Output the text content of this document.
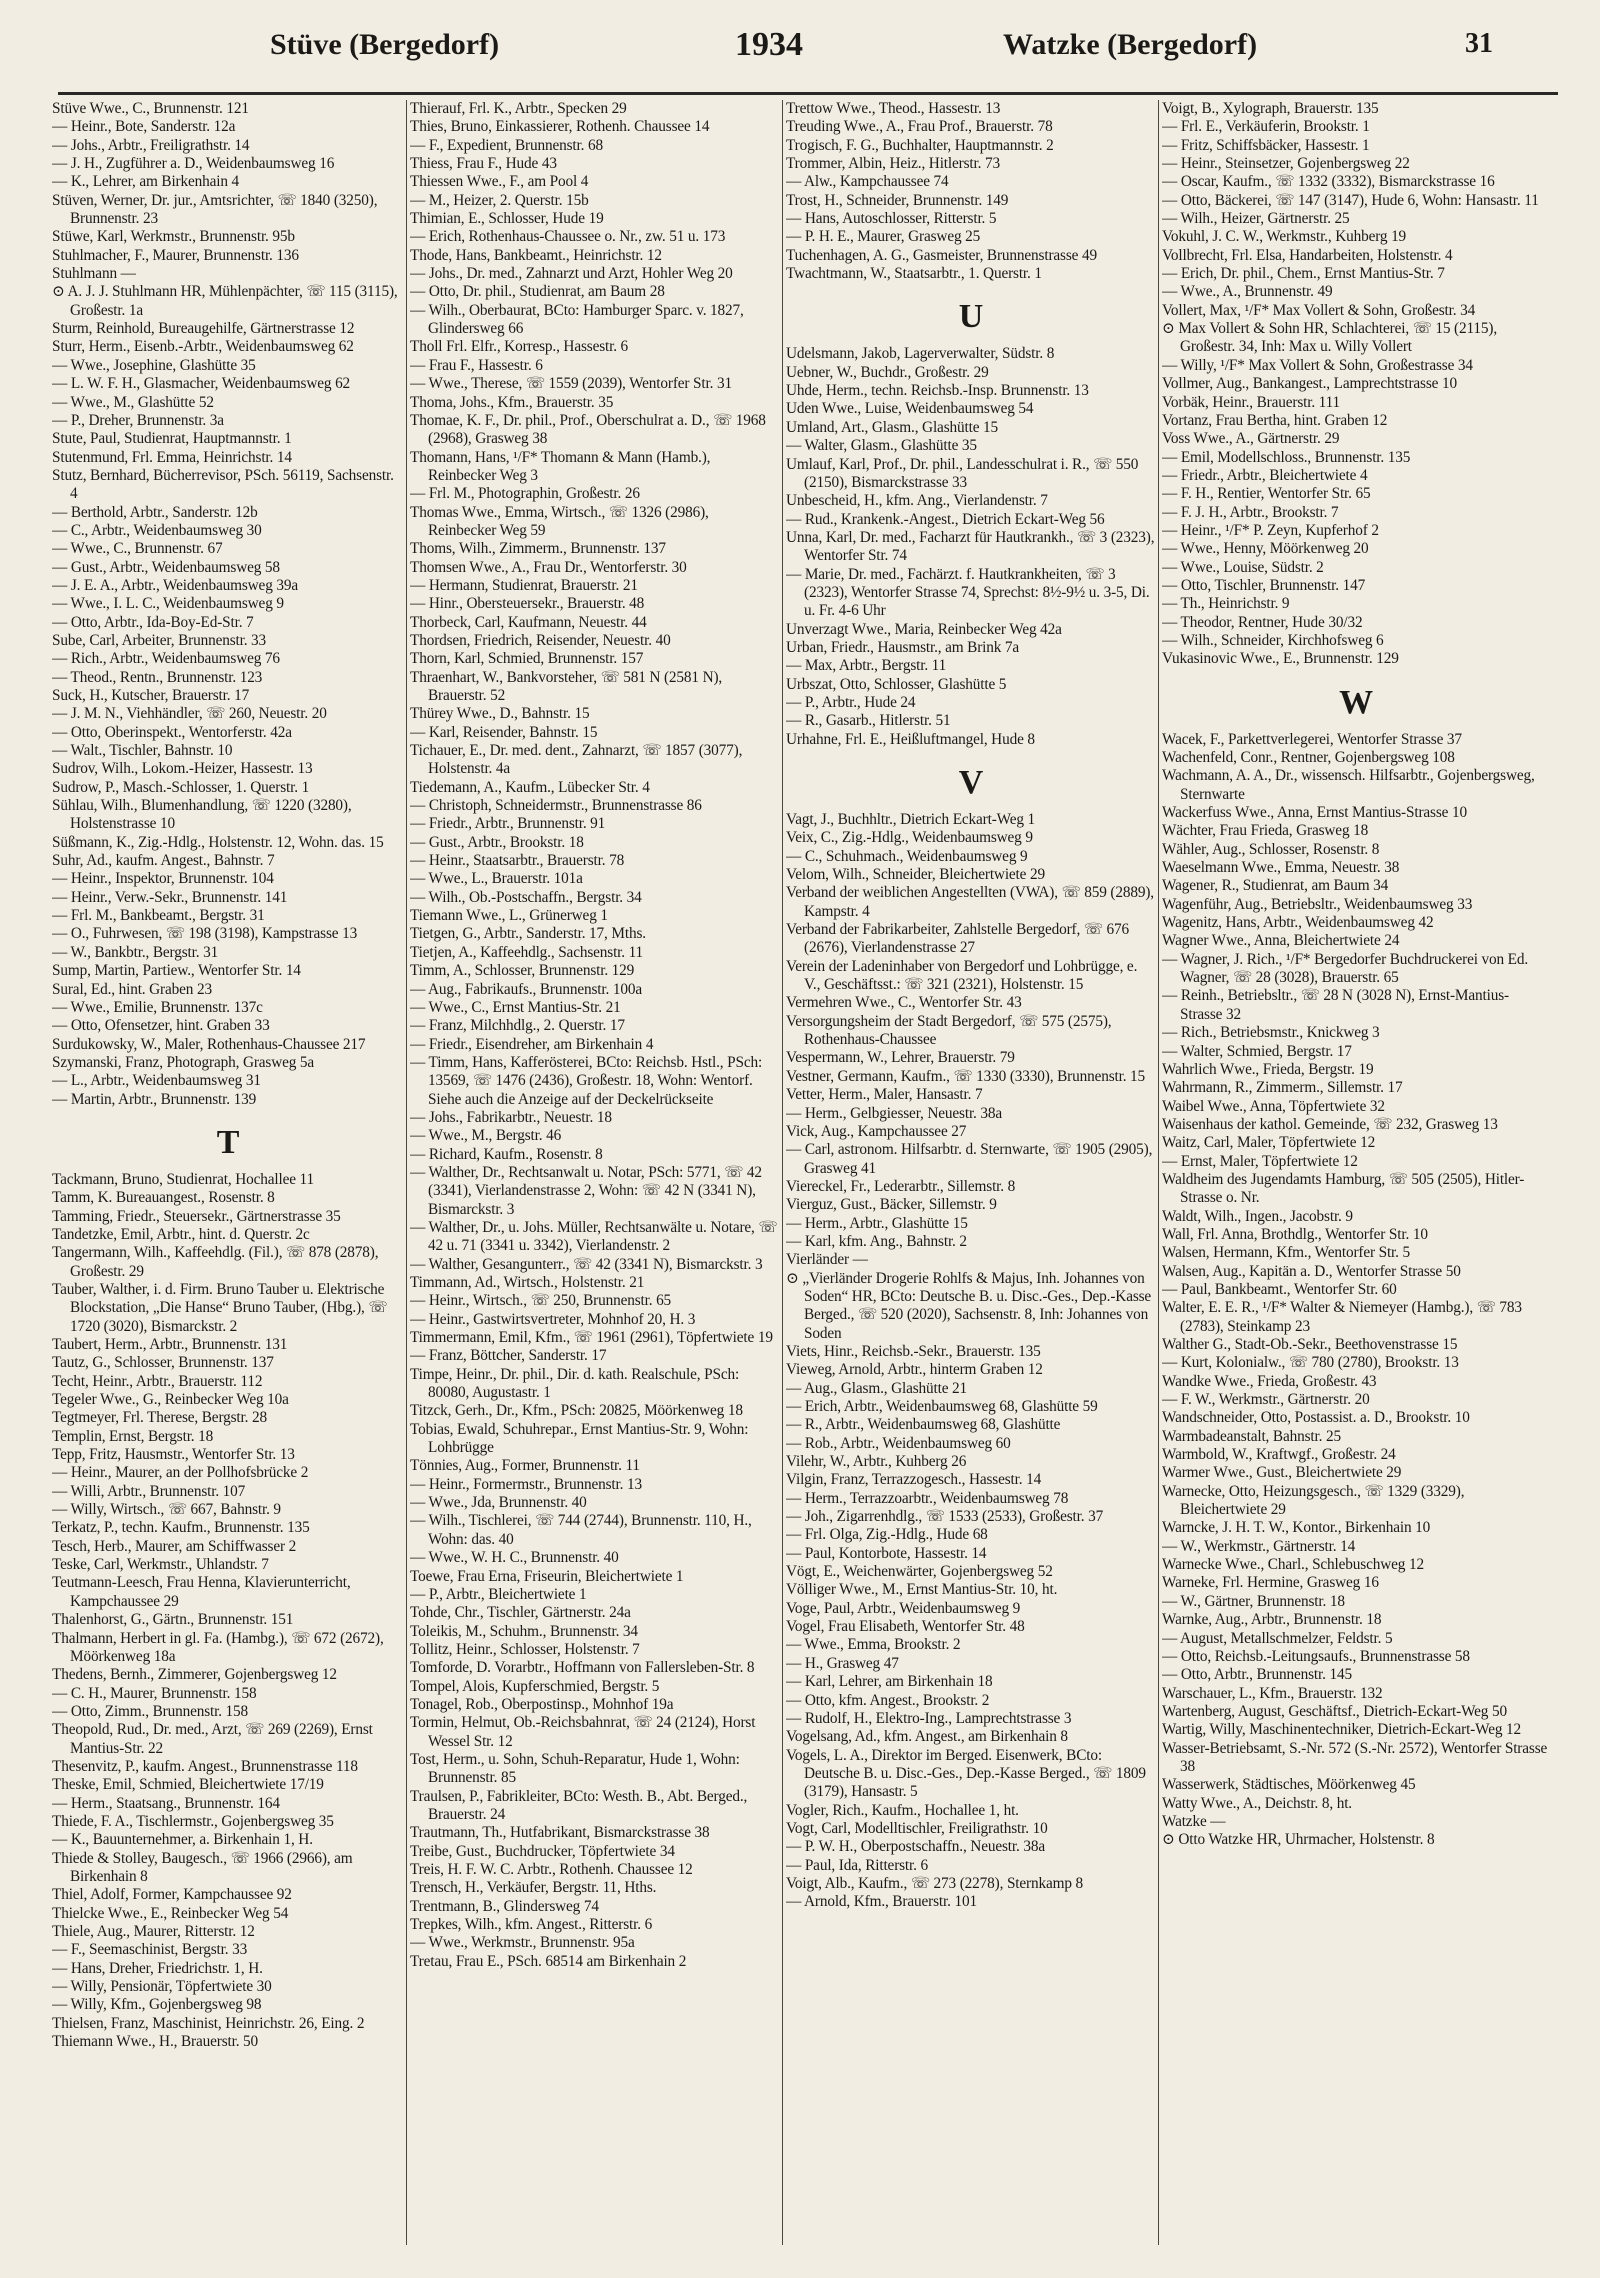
Stüve (Bergedorf)	1934	Watzke (Bergedorf)	31

Stüve Wwe., C., Brunnenstr. 121

— Heinr., Bote, Sanderstr. 12a

— Johs., Arbtr., Freiligrathstr. 14

— J. H., Zugführer a. D., Weidenbaumsweg 16

— K., Lehrer, am Birkenhain 4

Stüven, Werner, Dr. jur., Amtsrichter, ☏ 1840 (3250), Brunnenstr. 23

Stüwe, Karl, Werkmstr., Brunnenstr. 95b

Stuhlmacher, F., Maurer, Brunnenstr. 136

Stuhlmann —

⊙ A. J. J. Stuhlmann HR, Mühlenpächter, ☏ 115 (3115), Großestr. 1a

Sturm, Reinhold, Bureaugehilfe, Gärtnerstrasse 12

Sturr, Herm., Eisenb.-Arbtr., Weidenbaumsweg 62

— Wwe., Josephine, Glashütte 35

— L. W. F. H., Glasmacher, Weidenbaumsweg 62

— Wwe., M., Glashütte 52

— P., Dreher, Brunnenstr. 3a

Stute, Paul, Studienrat, Hauptmannstr. 1

Stutenmund, Frl. Emma, Heinrichstr. 14

Stutz, Bernhard, Bücherrevisor, PSch. 56119, Sachsenstr. 4

— Berthold, Arbtr., Sanderstr. 12b

— C., Arbtr., Weidenbaumsweg 30

— Wwe., C., Brunnenstr. 67

— Gust., Arbtr., Weidenbaumsweg 58

— J. E. A., Arbtr., Weidenbaumsweg 39a

— Wwe., I. L. C., Weidenbaumsweg 9

— Otto, Arbtr., Ida-Boy-Ed-Str. 7

Sube, Carl, Arbeiter, Brunnenstr. 33

— Rich., Arbtr., Weidenbaumsweg 76

— Theod., Rentn., Brunnenstr. 123

Suck, H., Kutscher, Brauerstr. 17

— J. M. N., Viehhändler, ☏ 260, Neuestr. 20

— Otto, Oberinspekt., Wentorferstr. 42a

— Walt., Tischler, Bahnstr. 10

Sudrov, Wilh., Lokom.-Heizer, Hassestr. 13

Sudrow, P., Masch.-Schlosser, 1. Querstr. 1

Sühlau, Wilh., Blumenhandlung, ☏ 1220 (3280), Holstenstrasse 10

Süßmann, K., Zig.-Hdlg., Holstenstr. 12, Wohn. das. 15

Suhr, Ad., kaufm. Angest., Bahnstr. 7

— Heinr., Inspektor, Brunnenstr. 104

— Heinr., Verw.-Sekr., Brunnenstr. 141

— Frl. M., Bankbeamt., Bergstr. 31

— O., Fuhrwesen, ☏ 198 (3198), Kampstrasse 13

— W., Bankbtr., Bergstr. 31

Sump, Martin, Partiew., Wentorfer Str. 14

Sural, Ed., hint. Graben 23

— Wwe., Emilie, Brunnenstr. 137c

— Otto, Ofensetzer, hint. Graben 33

Surdukowsky, W., Maler, Rothenhaus-Chaussee 217

Szymanski, Franz, Photograph, Grasweg 5a

— L., Arbtr., Weidenbaumsweg 31

— Martin, Arbtr., Brunnenstr. 139

T

Tackmann, Bruno, Studienrat, Hochallee 11

Tamm, K. Bureauangest., Rosenstr. 8

Tamming, Friedr., Steuersekr., Gärtnerstrasse 35

Tandetzke, Emil, Arbtr., hint. d. Querstr. 2c

Tangermann, Wilh., Kaffeehdlg. (Fil.), ☏ 878 (2878), Großestr. 29

Tauber, Walther, i. d. Firm. Bruno Tauber u. Elektrische Blockstation, „Die Hanse“ Bruno Tauber, (Hbg.), ☏ 1720 (3020), Bismarckstr. 2

Taubert, Herm., Arbtr., Brunnenstr. 131

Tautz, G., Schlosser, Brunnenstr. 137

Techt, Heinr., Arbtr., Brauerstr. 112

Tegeler Wwe., G., Reinbecker Weg 10a

Tegtmeyer, Frl. Therese, Bergstr. 28

Templin, Ernst, Bergstr. 18

Tepp, Fritz, Hausmstr., Wentorfer Str. 13

— Heinr., Maurer, an der Pollhofsbrücke 2

— Willi, Arbtr., Brunnenstr. 107

— Willy, Wirtsch., ☏ 667, Bahnstr. 9

Terkatz, P., techn. Kaufm., Brunnenstr. 135

Tesch, Herb., Maurer, am Schiffwasser 2

Teske, Carl, Werkmstr., Uhlandstr. 7

Teutmann-Leesch, Frau Henna, Klavierunterricht, Kampchaussee 29

Thalenhorst, G., Gärtn., Brunnenstr. 151

Thalmann, Herbert in gl. Fa. (Hambg.), ☏ 672 (2672), Möörkenweg 18a

Thedens, Bernh., Zimmerer, Gojenbergsweg 12

— C. H., Maurer, Brunnenstr. 158

— Otto, Zimm., Brunnenstr. 158

Theopold, Rud., Dr. med., Arzt, ☏ 269 (2269), Ernst Mantius-Str. 22

Thesenvitz, P., kaufm. Angest., Brunnenstrasse 118

Theske, Emil, Schmied, Bleichertwiete 17/19

— Herm., Staatsang., Brunnenstr. 164

Thiede, F. A., Tischlermstr., Gojenbergsweg 35

— K., Bauunternehmer, a. Birkenhain 1, H.

Thiede & Stolley, Baugesch., ☏ 1966 (2966), am Birkenhain 8

Thiel, Adolf, Former, Kampchaussee 92

Thielcke Wwe., E., Reinbecker Weg 54

Thiele, Aug., Maurer, Ritterstr. 12

— F., Seemaschinist, Bergstr. 33

— Hans, Dreher, Friedrichstr. 1, H.

— Willy, Pensionär, Töpfertwiete 30

— Willy, Kfm., Gojenbergsweg 98

Thielsen, Franz, Maschinist, Heinrichstr. 26, Eing. 2

Thiemann Wwe., H., Brauerstr. 50

Thierauf, Frl. K., Arbtr., Specken 29

Thies, Bruno, Einkassierer, Rothenh. Chaussee 14

— F., Expedient, Brunnenstr. 68

Thiess, Frau F., Hude 43

Thiessen Wwe., F., am Pool 4

— M., Heizer, 2. Querstr. 15b

Thimian, E., Schlosser, Hude 19

— Erich, Rothenhaus-Chaussee o. Nr., zw. 51 u. 173

Thode, Hans, Bankbeamt., Heinrichstr. 12

— Johs., Dr. med., Zahnarzt und Arzt, Hohler Weg 20

— Otto, Dr. phil., Studienrat, am Baum 28

— Wilh., Oberbaurat, BCto: Hamburger Sparc. v. 1827, Glindersweg 66

Tholl Frl. Elfr., Korresp., Hassestr. 6

— Frau F., Hassestr. 6

— Wwe., Therese, ☏ 1559 (2039), Wentorfer Str. 31

Thoma, Johs., Kfm., Brauerstr. 35

Thomae, K. F., Dr. phil., Prof., Oberschulrat a. D., ☏ 1968 (2968), Grasweg 38

Thomann, Hans, ¹/F* Thomann & Mann (Hamb.), Reinbecker Weg 3

— Frl. M., Photographin, Großestr. 26

Thomas Wwe., Emma, Wirtsch., ☏ 1326 (2986), Reinbecker Weg 59

Thoms, Wilh., Zimmerm., Brunnenstr. 137

Thomsen Wwe., A., Frau Dr., Wentorferstr. 30

— Hermann, Studienrat, Brauerstr. 21

— Hinr., Obersteuersekr., Brauerstr. 48

Thorbeck, Carl, Kaufmann, Neuestr. 44

Thordsen, Friedrich, Reisender, Neuestr. 40

Thorn, Karl, Schmied, Brunnenstr. 157

Thraenhart, W., Bankvorsteher, ☏ 581 N (2581 N), Brauerstr. 52

Thürey Wwe., D., Bahnstr. 15

— Karl, Reisender, Bahnstr. 15

Tichauer, E., Dr. med. dent., Zahnarzt, ☏ 1857 (3077), Holstenstr. 4a

Tiedemann, A., Kaufm., Lübecker Str. 4

— Christoph, Schneidermstr., Brunnenstrasse 86

— Friedr., Arbtr., Brunnenstr. 91

— Gust., Arbtr., Brookstr. 18

— Heinr., Staatsarbtr., Brauerstr. 78

— Wwe., L., Brauerstr. 101a

— Wilh., Ob.-Postschaffn., Bergstr. 34

Tiemann Wwe., L., Grünerweg 1

Tietgen, G., Arbtr., Sanderstr. 17, Mths.

Tietjen, A., Kaffeehdlg., Sachsenstr. 11

Timm, A., Schlosser, Brunnenstr. 129

— Aug., Fabrikaufs., Brunnenstr. 100a

— Wwe., C., Ernst Mantius-Str. 21

— Franz, Milchhdlg., 2. Querstr. 17

— Friedr., Eisendreher, am Birkenhain 4

— Timm, Hans, Kafferösterei, BCto: Reichsb. Hstl., PSch: 13569, ☏ 1476 (2436), Großestr. 18, Wohn: Wentorf. Siehe auch die Anzeige auf der Deckelrückseite

— Johs., Fabrikarbtr., Neuestr. 18

— Wwe., M., Bergstr. 46

— Richard, Kaufm., Rosenstr. 8

— Walther, Dr., Rechtsanwalt u. Notar, PSch: 5771, ☏ 42 (3341), Vierlandenstrasse 2, Wohn: ☏ 42 N (3341 N), Bismarckstr. 3

— Walther, Dr., u. Johs. Müller, Rechtsanwälte u. Notare, ☏ 42 u. 71 (3341 u. 3342), Vierlandenstr. 2

— Walther, Gesangunterr., ☏ 42 (3341 N), Bismarckstr. 3

Timmann, Ad., Wirtsch., Holstenstr. 21

— Heinr., Wirtsch., ☏ 250, Brunnenstr. 65

— Heinr., Gastwirtsvertreter, Mohnhof 20, H. 3

Timmermann, Emil, Kfm., ☏ 1961 (2961), Töpfertwiete 19

— Franz, Böttcher, Sanderstr. 17

Timpe, Heinr., Dr. phil., Dir. d. kath. Realschule, PSch: 80080, Augustastr. 1

Titzck, Gerh., Dr., Kfm., PSch: 20825, Möörkenweg 18

Tobias, Ewald, Schuhrepar., Ernst Mantius-Str. 9, Wohn: Lohbrügge

Tönnies, Aug., Former, Brunnenstr. 11

— Heinr., Formermstr., Brunnenstr. 13

— Wwe., Jda, Brunnenstr. 40

— Wilh., Tischlerei, ☏ 744 (2744), Brunnenstr. 110, H., Wohn: das. 40

— Wwe., W. H. C., Brunnenstr. 40

Toewe, Frau Erna, Friseurin, Bleichertwiete 1

— P., Arbtr., Bleichertwiete 1

Tohde, Chr., Tischler, Gärtnerstr. 24a

Toleikis, M., Schuhm., Brunnenstr. 34

Tollitz, Heinr., Schlosser, Holstenstr. 7

Tomforde, D. Vorarbtr., Hoffmann von Fallersleben-Str. 8

Tompel, Alois, Kupferschmied, Bergstr. 5

Tonagel, Rob., Oberpostinsp., Mohnhof 19a

Tormin, Helmut, Ob.-Reichsbahnrat, ☏ 24 (2124), Horst Wessel Str. 12

Tost, Herm., u. Sohn, Schuh-Reparatur, Hude 1, Wohn: Brunnenstr. 85

Traulsen, P., Fabrikleiter, BCto: Westh. B., Abt. Berged., Brauerstr. 24

Trautmann, Th., Hutfabrikant, Bismarckstrasse 38

Treibe, Gust., Buchdrucker, Töpfertwiete 34

Treis, H. F. W. C. Arbtr., Rothenh. Chaussee 12

Trensch, H., Verkäufer, Bergstr. 11, Hths.

Trentmann, B., Glindersweg 74

Trepkes, Wilh., kfm. Angest., Ritterstr. 6

— Wwe., Werkmstr., Brunnenstr. 95a

Tretau, Frau E., PSch. 68514 am Birkenhain 2

Trettow Wwe., Theod., Hassestr. 13

Treuding Wwe., A., Frau Prof., Brauerstr. 78

Trogisch, F. G., Buchhalter, Hauptmannstr. 2

Trommer, Albin, Heiz., Hitlerstr. 73

— Alw., Kampchaussee 74

Trost, H., Schneider, Brunnenstr. 149

— Hans, Autoschlosser, Ritterstr. 5

— P. H. E., Maurer, Grasweg 25

Tuchenhagen, A. G., Gasmeister, Brunnenstrasse 49

Twachtmann, W., Staatsarbtr., 1. Querstr. 1

U

Udelsmann, Jakob, Lagerverwalter, Südstr. 8

Uebner, W., Buchdr., Großestr. 29

Uhde, Herm., techn. Reichsb.-Insp. Brunnenstr. 13

Uden Wwe., Luise, Weidenbaumsweg 54

Umland, Art., Glasm., Glashütte 15

— Walter, Glasm., Glashütte 35

Umlauf, Karl, Prof., Dr. phil., Landesschulrat i. R., ☏ 550 (2150), Bismarckstrasse 33

Unbescheid, H., kfm. Ang., Vierlandenstr. 7

— Rud., Krankenk.-Angest., Dietrich Eckart-Weg 56

Unna, Karl, Dr. med., Facharzt für Hautkrankh., ☏ 3 (2323), Wentorfer Str. 74

— Marie, Dr. med., Fachärzt. f. Hautkrankheiten, ☏ 3 (2323), Wentorfer Strasse 74, Sprechst: 8½-9½ u. 3-5, Di. u. Fr. 4-6 Uhr

Unverzagt Wwe., Maria, Reinbecker Weg 42a

Urban, Friedr., Hausmstr., am Brink 7a

— Max, Arbtr., Bergstr. 11

Urbszat, Otto, Schlosser, Glashütte 5

— P., Arbtr., Hude 24

— R., Gasarb., Hitlerstr. 51

Urhahne, Frl. E., Heißluftmangel, Hude 8

V

Vagt, J., Buchhltr., Dietrich Eckart-Weg 1

Veix, C., Zig.-Hdlg., Weidenbaumsweg 9

— C., Schuhmach., Weidenbaumsweg 9

Velom, Wilh., Schneider, Bleichertwiete 29

Verband der weiblichen Angestellten (VWA), ☏ 859 (2889), Kampstr. 4

Verband der Fabrikarbeiter, Zahlstelle Bergedorf, ☏ 676 (2676), Vierlandenstrasse 27

Verein der Ladeninhaber von Bergedorf und Lohbrügge, e. V., Geschäftsst.: ☏ 321 (2321), Holstenstr. 15

Vermehren Wwe., C., Wentorfer Str. 43

Versorgungsheim der Stadt Bergedorf, ☏ 575 (2575), Rothenhaus-Chaussee

Vespermann, W., Lehrer, Brauerstr. 79

Vestner, Germann, Kaufm., ☏ 1330 (3330), Brunnenstr. 15

Vetter, Herm., Maler, Hansastr. 7

— Herm., Gelbgiesser, Neuestr. 38a

Vick, Aug., Kampchaussee 27

— Carl, astronom. Hilfsarbtr. d. Sternwarte, ☏ 1905 (2905), Grasweg 41

Viereckel, Fr., Lederarbtr., Sillemstr. 8

Vierguz, Gust., Bäcker, Sillemstr. 9

— Herm., Arbtr., Glashütte 15

— Karl, kfm. Ang., Bahnstr. 2

Vierländer —

⊙ „Vierländer Drogerie Rohlfs & Majus, Inh. Johannes von Soden“ HR, BCto: Deutsche B. u. Disc.-Ges., Dep.-Kasse Berged., ☏ 520 (2020), Sachsenstr. 8, Inh: Johannes von Soden

Viets, Hinr., Reichsb.-Sekr., Brauerstr. 135

Vieweg, Arnold, Arbtr., hinterm Graben 12

— Aug., Glasm., Glashütte 21

— Erich, Arbtr., Weidenbaumsweg 68, Glashütte 59

— R., Arbtr., Weidenbaumsweg 68, Glashütte

— Rob., Arbtr., Weidenbaumsweg 60

Vilehr, W., Arbtr., Kuhberg 26

Vilgin, Franz, Terrazzogesch., Hassestr. 14

— Herm., Terrazzoarbtr., Weidenbaumsweg 78

— Joh., Zigarrenhdlg., ☏ 1533 (2533), Großestr. 37

— Frl. Olga, Zig.-Hdlg., Hude 68

— Paul, Kontorbote, Hassestr. 14

Vögt, E., Weichenwärter, Gojenbergsweg 52

Völliger Wwe., M., Ernst Mantius-Str. 10, ht.

Voge, Paul, Arbtr., Weidenbaumsweg 9

Vogel, Frau Elisabeth, Wentorfer Str. 48

— Wwe., Emma, Brookstr. 2

— H., Grasweg 47

— Karl, Lehrer, am Birkenhain 18

— Otto, kfm. Angest., Brookstr. 2

— Rudolf, H., Elektro-Ing., Lamprechtstrasse 3

Vogelsang, Ad., kfm. Angest., am Birkenhain 8

Vogels, L. A., Direktor im Berged. Eisenwerk, BCto: Deutsche B. u. Disc.-Ges., Dep.-Kasse Berged., ☏ 1809 (3179), Hansastr. 5

Vogler, Rich., Kaufm., Hochallee 1, ht.

Vogt, Carl, Modelltischler, Freiligrathstr. 10

— P. W. H., Oberpostschaffn., Neuestr. 38a

— Paul, Ida, Ritterstr. 6

Voigt, Alb., Kaufm., ☏ 273 (2278), Sternkamp 8

— Arnold, Kfm., Brauerstr. 101

Voigt, B., Xylograph, Brauerstr. 135

— Frl. E., Verkäuferin, Brookstr. 1

— Fritz, Schiffsbäcker, Hassestr. 1

— Heinr., Steinsetzer, Gojenbergsweg 22

— Oscar, Kaufm., ☏ 1332 (3332), Bismarckstrasse 16

— Otto, Bäckerei, ☏ 147 (3147), Hude 6, Wohn: Hansastr. 11

— Wilh., Heizer, Gärtnerstr. 25

Vokuhl, J. C. W., Werkmstr., Kuhberg 19

Vollbrecht, Frl. Elsa, Handarbeiten, Holstenstr. 4

— Erich, Dr. phil., Chem., Ernst Mantius-Str. 7

— Wwe., A., Brunnenstr. 49

Vollert, Max, ¹/F* Max Vollert & Sohn, Großestr. 34

⊙ Max Vollert & Sohn HR, Schlachterei, ☏ 15 (2115), Großestr. 34, Inh: Max u. Willy Vollert

— Willy, ¹/F* Max Vollert & Sohn, Großestrasse 34

Vollmer, Aug., Bankangest., Lamprechtstrasse 10

Vorbäk, Heinr., Brauerstr. 111

Vortanz, Frau Bertha, hint. Graben 12

Voss Wwe., A., Gärtnerstr. 29

— Emil, Modellschloss., Brunnenstr. 135

— Friedr., Arbtr., Bleichertwiete 4

— F. H., Rentier, Wentorfer Str. 65

— F. J. H., Arbtr., Brookstr. 7

— Heinr., ¹/F* P. Zeyn, Kupferhof 2

— Wwe., Henny, Möörkenweg 20

— Wwe., Louise, Südstr. 2

— Otto, Tischler, Brunnenstr. 147

— Th., Heinrichstr. 9

— Theodor, Rentner, Hude 30/32

— Wilh., Schneider, Kirchhofsweg 6

Vukasinovic Wwe., E., Brunnenstr. 129

W

Wacek, F., Parkettverlegerei, Wentorfer Strasse 37

Wachenfeld, Conr., Rentner, Gojenbergsweg 108

Wachmann, A. A., Dr., wissensch. Hilfsarbtr., Gojenbergsweg, Sternwarte

Wackerfuss Wwe., Anna, Ernst Mantius-Strasse 10

Wächter, Frau Frieda, Grasweg 18

Wähler, Aug., Schlosser, Rosenstr. 8

Waeselmann Wwe., Emma, Neuestr. 38

Wagener, R., Studienrat, am Baum 34

Wagenführ, Aug., Betriebsltr., Weidenbaumsweg 33

Wagenitz, Hans, Arbtr., Weidenbaumsweg 42

Wagner Wwe., Anna, Bleichertwiete 24

— Wagner, J. Rich., ¹/F* Bergedorfer Buchdruckerei von Ed. Wagner, ☏ 28 (3028), Brauerstr. 65

— Reinh., Betriebsltr., ☏ 28 N (3028 N), Ernst-Mantius-Strasse 32

— Rich., Betriebsmstr., Knickweg 3

— Walter, Schmied, Bergstr. 17

Wahrlich Wwe., Frieda, Bergstr. 19

Wahrmann, R., Zimmerm., Sillemstr. 17

Waibel Wwe., Anna, Töpfertwiete 32

Waisenhaus der kathol. Gemeinde, ☏ 232, Grasweg 13

Waitz, Carl, Maler, Töpfertwiete 12

— Ernst, Maler, Töpfertwiete 12

Waldheim des Jugendamts Hamburg, ☏ 505 (2505), Hitler-Strasse o. Nr.

Waldt, Wilh., Ingen., Jacobstr. 9

Wall, Frl. Anna, Brothdlg., Wentorfer Str. 10

Walsen, Hermann, Kfm., Wentorfer Str. 5

Walsen, Aug., Kapitän a. D., Wentorfer Strasse 50

— Paul, Bankbeamt., Wentorfer Str. 60

Walter, E. E. R., ¹/F* Walter & Niemeyer (Hambg.), ☏ 783 (2783), Steinkamp 23

Walther G., Stadt-Ob.-Sekr., Beethovenstrasse 15

— Kurt, Kolonialw., ☏ 780 (2780), Brookstr. 13

Wandke Wwe., Frieda, Großestr. 43

— F. W., Werkmstr., Gärtnerstr. 20

Wandschneider, Otto, Postassist. a. D., Brookstr. 10

Warmbadeanstalt, Bahnstr. 25

Warmbold, W., Kraftwgf., Großestr. 24

Warmer Wwe., Gust., Bleichertwiete 29

Warnecke, Otto, Heizungsgesch., ☏ 1329 (3329), Bleichertwiete 29

Warncke, J. H. T. W., Kontor., Birkenhain 10

— W., Werkmstr., Gärtnerstr. 14

Warnecke Wwe., Charl., Schlebuschweg 12

Warneke, Frl. Hermine, Grasweg 16

— W., Gärtner, Brunnenstr. 18

Warnke, Aug., Arbtr., Brunnenstr. 18

— August, Metallschmelzer, Feldstr. 5

— Otto, Reichsb.-Leitungsaufs., Brunnenstrasse 58

— Otto, Arbtr., Brunnenstr. 145

Warschauer, L., Kfm., Brauerstr. 132

Wartenberg, August, Geschäftsf., Dietrich-Eckart-Weg 50

Wartig, Willy, Maschinentechniker, Dietrich-Eckart-Weg 12

Wasser-Betriebsamt, S.-Nr. 572 (S.-Nr. 2572), Wentorfer Strasse 38

Wasserwerk, Städtisches, Möörkenweg 45

Watty Wwe., A., Deichstr. 8, ht.

Watzke —

⊙ Otto Watzke HR, Uhrmacher, Holstenstr. 8
